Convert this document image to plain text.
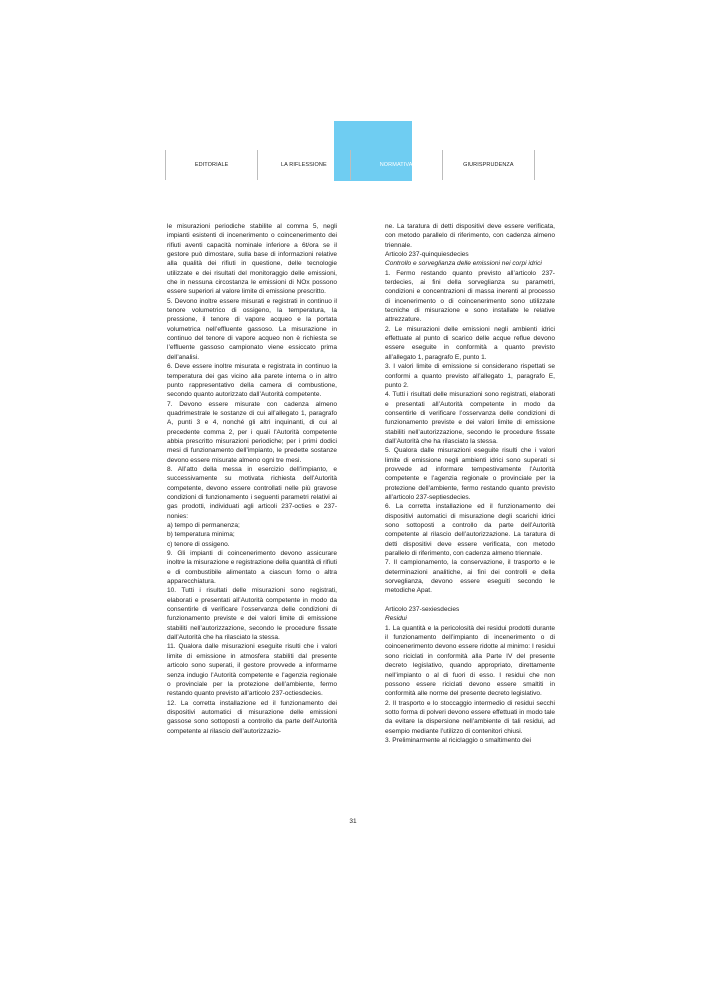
EDITORIALE	LA RIFLESSIONE	NORMATIVA	GIURISPRUDENZA

le misurazioni periodiche stabilite al comma 5, negli impianti esistenti di incenerimento o coincenerimento dei rifiuti aventi capacità nominale inferiore a 6t/ora se il gestore può dimostare, sulla base di informazioni relative alla qualità dei rifiuti in questione, delle tecnologie utilizzate e dei risultati del monitoraggio delle emissioni, che in nessuna circostanza le emissioni di NOx possono essere superiori al valore limite di emissione prescritto.

5. Devono inoltre essere misurati e registrati in continuo il tenore volumetrico di ossigeno, la temperatura, la pressione, il tenore di vapore acqueo e la portata volumetrica nell’effluente gassoso. La misurazione in continuo del tenore di vapore acqueo non è richiesta se l’effluente gassoso campionato viene essiccato prima dell’analisi.

6. Deve essere inoltre misurata e registrata in continuo la temperatura dei gas vicino alla parete interna o in altro punto rappresentativo della camera di combustione, secondo quanto autorizzato dall’Autorità competente.

7. Devono essere misurate con cadenza almeno quadrimestrale le sostanze di cui all’allegato 1, paragrafo A, punti 3 e 4, nonché gli altri inquinanti, di cui al precedente comma 2, per i quali l’Autorità competente abbia prescritto misurazioni periodiche; per i primi dodici mesi di funzionamento dell’impianto, le predette sostanze devono essere misurate almeno ogni tre mesi.

8. All’atto della messa in esercizio dell’impianto, e successivamente su motivata richiesta dell’Autorità competente, devono essere controllati nelle più gravose condizioni di funzionamento i seguenti parametri relativi ai gas prodotti, individuati agli articoli 237-octies e 237-nonies:

a) tempo di permanenza;

b) temperatura minima;

c) tenore di ossigeno.

9. Gli impianti di coincenerimento devono assicurare inoltre la misurazione e registrazione della quantità di rifiuti e di combustibile alimentato a ciascun forno o altra apparecchiatura.

10. Tutti i risultati delle misurazioni sono registrati, elaborati e presentati all’Autorità competente in modo da consentirle di verificare l’osservanza delle condizioni di funzionamento previste e dei valori limite di emissione stabiliti nell’autorizzazione, secondo le procedure fissate dall’Autorità che ha rilasciato la stessa.

11. Qualora dalle misurazioni eseguite risulti che i valori limite di emissione in atmosfera stabiliti dal presente articolo sono superati, il gestore provvede a informarne senza indugio l’Autorità competente e l’agenzia regionale o provinciale per la protezione dell’ambiente, fermo restando quanto previsto all’articolo 237-octiesdecies.

12. La corretta installazione ed il funzionamento dei dispositivi automatici di misurazione delle emissioni gassose sono sottoposti a controllo da parte dell’Autorità competente al rilascio dell’autorizzazio-

ne. La taratura di detti dispositivi deve essere verificata, con metodo parallelo di riferimento, con cadenza almeno triennale.

Articolo 237-quinquiesdecies

Controllo e sorveglianza delle emissioni nei corpi idrici

1. Fermo restando quanto previsto all’articolo 237-terdecies, ai fini della sorveglianza su parametri, condizioni e concentrazioni di massa inerenti al processo di incenerimento o di coincenerimento sono utilizzate tecniche di misurazione e sono installate le relative attrezzature.

2. Le misurazioni delle emissioni negli ambienti idrici effettuate al punto di scarico delle acque reflue devono essere eseguite in conformità a quanto previsto all’allegato 1, paragrafo E, punto 1.

3. I valori limite di emissione si considerano rispettati se conformi a quanto previsto all’allegato 1, paragrafo E, punto 2.

4. Tutti i risultati delle misurazioni sono registrati, elaborati e presentati all’Autorità competente in modo da consentirle di verificare l’osservanza delle condizioni di funzionamento previste e dei valori limite di emissione stabiliti nell’autorizzazione, secondo le procedure fissate dall’Autorità che ha rilasciato la stessa.

5. Qualora dalle misurazioni eseguite risulti che i valori limite di emissione negli ambienti idrici sono superati si provvede ad informare tempestivamente l’Autorità competente e l’agenzia regionale o provinciale per la protezione dell’ambiente, fermo restando quanto previsto all’articolo 237-septiesdecies.

6. La corretta installazione ed il funzionamento dei dispositivi automatici di misurazione degli scarichi idrici sono sottoposti a controllo da parte dell’Autorità competente al rilascio dell’autorizzazione. La taratura di detti dispositivi deve essere verificata, con metodo parallelo di riferimento, con cadenza almeno triennale.

7. Il campionamento, la conservazione, il trasporto e le determinazioni analitiche, ai fini dei controlli e della sorveglianza, devono essere eseguiti secondo le metodiche Apat.

Articolo 237-sexiesdecies

Residui

1. La quantità e la pericolosità dei residui prodotti durante il funzionamento dell’impianto di incenerimento o di coincenerimento devono essere ridotte al minimo: I residui sono riciclati in conformità alla Parte IV del presente decreto legislativo, quando appropriato, direttamente nell’impianto o al di fuori di esso. I residui che non possono essere riciclati devono essere smaltiti in conformità alle norme del presente decreto legislativo.

2. Il trasporto e lo stoccaggio intermedio di residui secchi sotto forma di polveri devono essere effettuati in modo tale da evitare la dispersione nell’ambiente di tali residui, ad esempio mediante l’utilizzo di contenitori chiusi.

3. Preliminarmente al riciclaggio o smaltimento dei

31
